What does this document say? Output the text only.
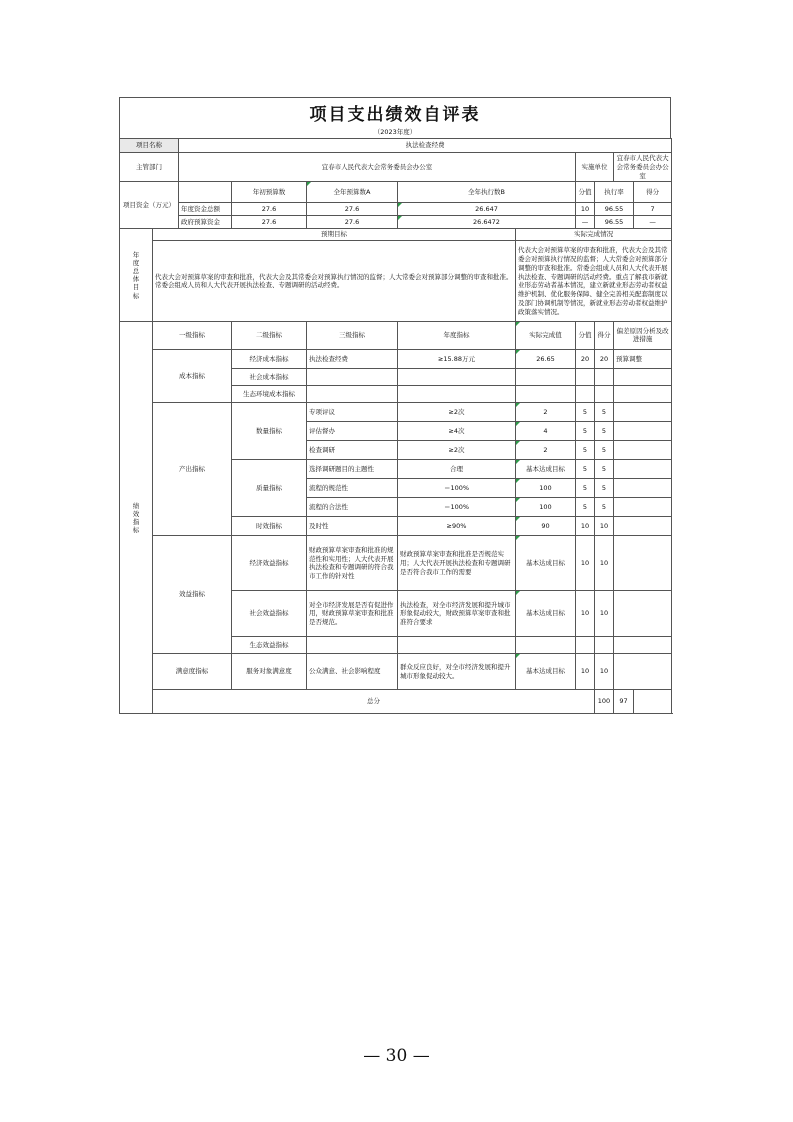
项目支出绩效自评表
（2023年度）
项目名称		执法检查经费								
主管部门		宜春市人民代表大会常务委员会办公室					实施单位		宜春市人民代表大会常务委员会办公室	
项目资金（万元）			年初预算数	全年预算数A	全年执行数B		分值	执行率		得分
		年度资金总额	27.6	27.6	26.647		10	96.55		7
		政府预算资金	27.6	27.6	26.6472		—	96.55		—

年度总体目标	预期目标					实际完成情况				
	代表大会对预算草案的审查和批准，代表大会及其常委会对预算执行情况的监督；人大常委会对预算部分调整的审查和批准。常委会组成人员和人大代表开展执法检查、专题调研的活动经费。					代表大会对预算草案的审查和批准，代表大会及其常委会对预算执行情况的监督；人大常委会对预算部分调整的审查和批准。常委会组成人员和人大代表开展执法检查、专题调研的活动经费。重点了解我市新就业形态劳动者基本情况，建立新就业形态劳动者权益维护机制、优化服务保障、健全完善相关配套制度以及部门协调机制等情况，新就业形态劳动者权益维护政策落实情况。				

绩效指标	一级指标		二级指标	三级指标	年度指标	实际完成值	分值	得分	偏差原因分析及改进措施	
	成本指标		经济成本指标	执法检查经费	≥15.88万元	26.65	20	20	预算调整	
			社会成本指标							
			生态环境成本指标							
	产出指标		数量指标	专项评议	≥2次	2	5	5		
				评估督办	≥4次	4	5	5		
				检查调研	≥2次	2	5	5		
			质量指标	选择调研题目的主题性	合理	基本达成目标	5	5		
				流程的规范性	＝100%	100	5	5		
				流程的合法性	＝100%	100	5	5		
			时效指标	及时性	≥90%	90	10	10		
	效益指标		经济效益指标	财政预算草案审查和批准的规范性和实用性；人大代表开展执法检查和专题调研的符合我市工作的针对性	财政预算草案审查和批准是否规范实用；人大代表开展执法检查和专题调研是否符合我市工作的需要	基本达成目标	10	10		
			社会效益指标	对全市经济发展是否有促进作用，财政预算草案审查和批准是否规范。	执法检查，对全市经济发展和提升城市形象促动较大，财政预算草案审查和批准符合要求	基本达成目标	10	10		
			生态效益指标							
	满意度指标		服务对象满意度	公众满意、社会影响程度	群众反应良好，对全市经济发展和提升城市形象促动较大。	基本达成目标	10	10		
	总分							100	97	
— 30 —
